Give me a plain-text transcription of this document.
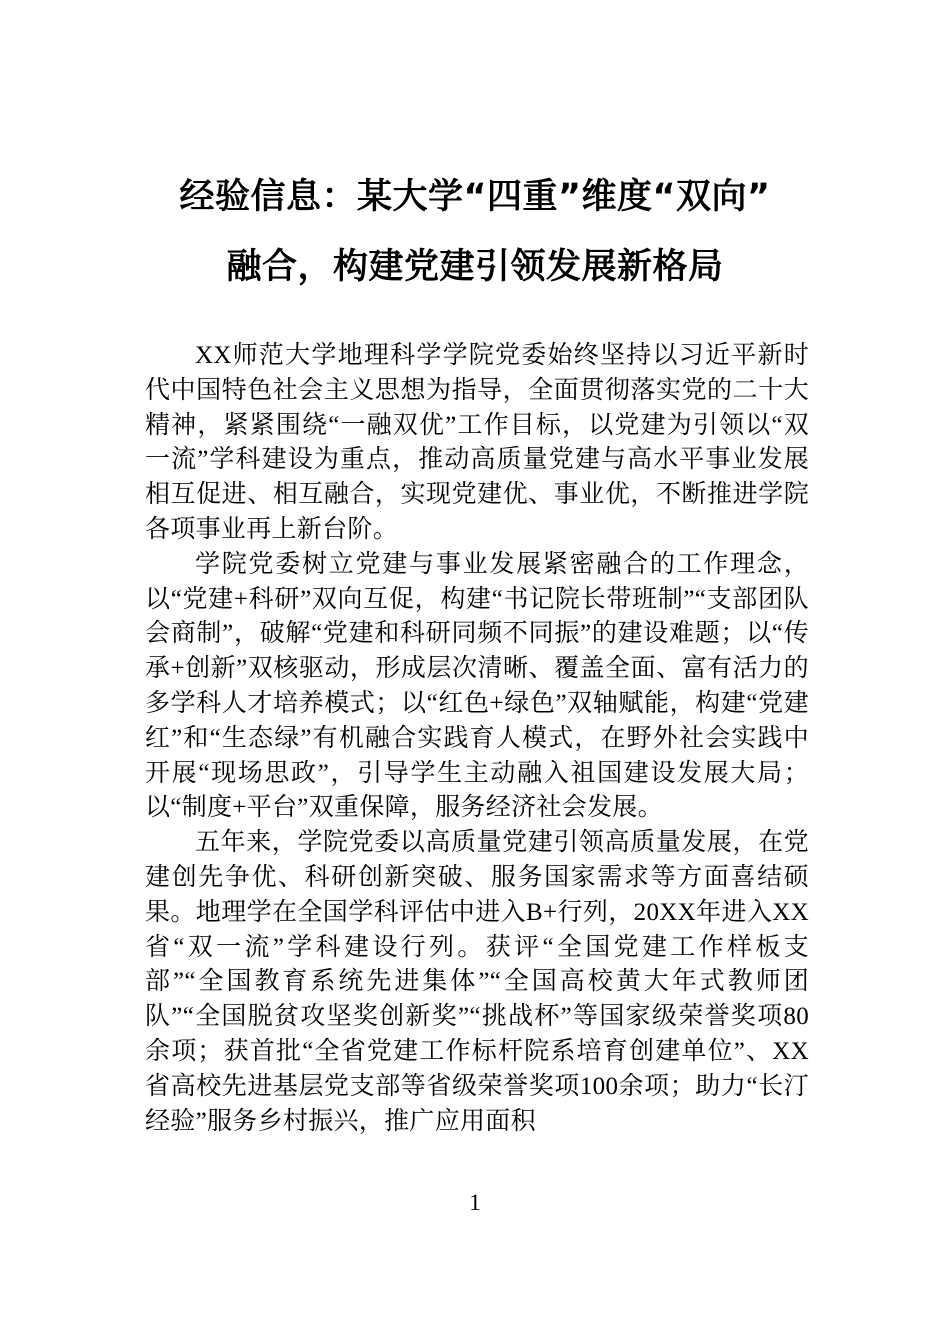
经验信息：某大学“四重”维度“双向”
融合，构建党建引领发展新格局

XX师范大学地理科学学院党委始终坚持以习近平新时代中国特色社会主义思想为指导，全面贯彻落实党的二十大精神，紧紧围绕“一融双优”工作目标，以党建为引领以“双一流”学科建设为重点，推动高质量党建与高水平事业发展相互促进、相互融合，实现党建优、事业优，不断推进学院各项事业再上新台阶。

学院党委树立党建与事业发展紧密融合的工作理念，以“党建+科研”双向互促，构建“书记院长带班制”“支部团队会商制”，破解“党建和科研同频不同振”的建设难题；以“传承+创新”双核驱动，形成层次清晰、覆盖全面、富有活力的多学科人才培养模式；以“红色+绿色”双轴赋能，构建“党建红”和“生态绿”有机融合实践育人模式，在野外社会实践中开展“现场思政”，引导学生主动融入祖国建设发展大局；以“制度+平台”双重保障，服务经济社会发展。

五年来，学院党委以高质量党建引领高质量发展，在党建创先争优、科研创新突破、服务国家需求等方面喜结硕果。地理学在全国学科评估中进入B+行列，20XX年进入XX省“双一流”学科建设行列。获评“全国党建工作样板支部”“全国教育系统先进集体”“全国高校黄大年式教师团队”“全国脱贫攻坚奖创新奖”“挑战杯”等国家级荣誉奖项80余项；获首批“全省党建工作标杆院系培育创建单位”、XX省高校先进基层党支部等省级荣誉奖项100余项；助力“长汀经验”服务乡村振兴，推广应用面积

1
